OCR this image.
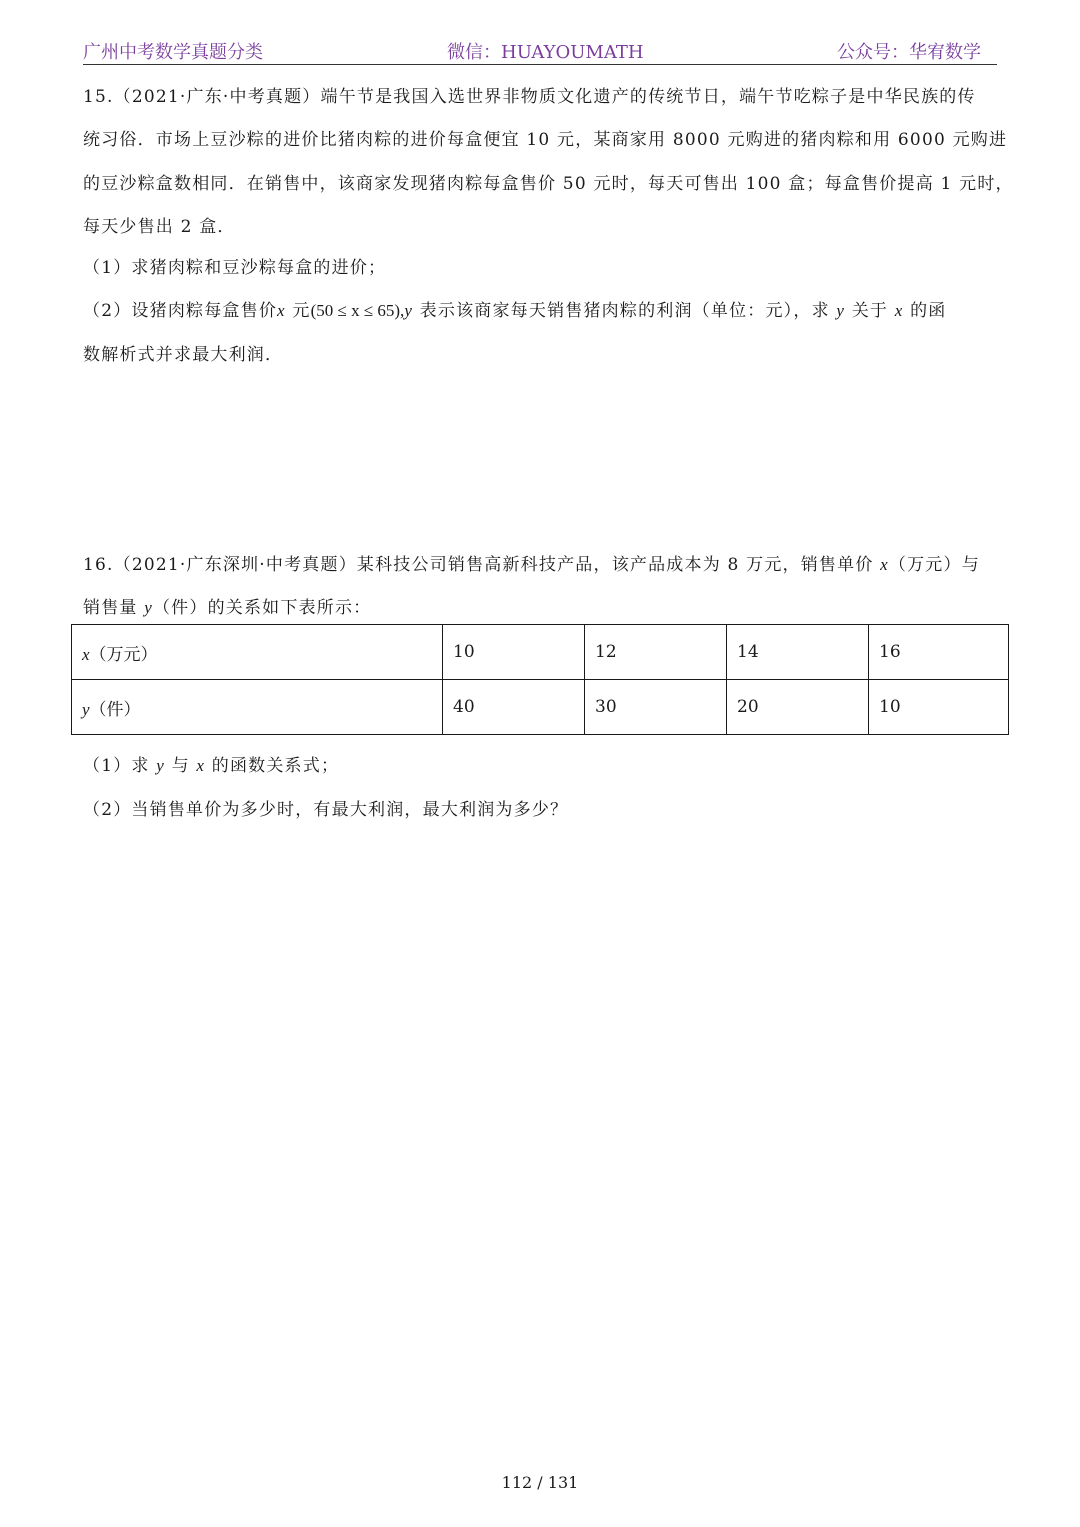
广州中考数学真题分类	微信：HUAYOUMATH	公众号：华宥数学
15.（2021·广东·中考真题）端午节是我国入选世界非物质文化遗产的传统节日，端午节吃粽子是中华民族的传
统习俗．市场上豆沙粽的进价比猪肉粽的进价每盒便宜 10 元，某商家用 8000 元购进的猪肉粽和用 6000 元购进
的豆沙粽盒数相同．在销售中，该商家发现猪肉粽每盒售价 50 元时，每天可售出 100 盒；每盒售价提高 1 元时，
每天少售出 2 盒．
（1）求猪肉粽和豆沙粽每盒的进价；
（2）设猪肉粽每盒售价x 元(50 ≤ x ≤ 65),y 表示该商家每天销售猪肉粽的利润（单位：元），求 y 关于 x 的函
数解析式并求最大利润．
16.（2021·广东深圳·中考真题）某科技公司销售高新科技产品，该产品成本为 8 万元，销售单价 x（万元）与
销售量 y（件）的关系如下表所示：
x（万元）	10	12	14	16
y（件）	40	30	20	10
（1）求 y 与 x 的函数关系式；
（2）当销售单价为多少时，有最大利润，最大利润为多少？
112 / 131
